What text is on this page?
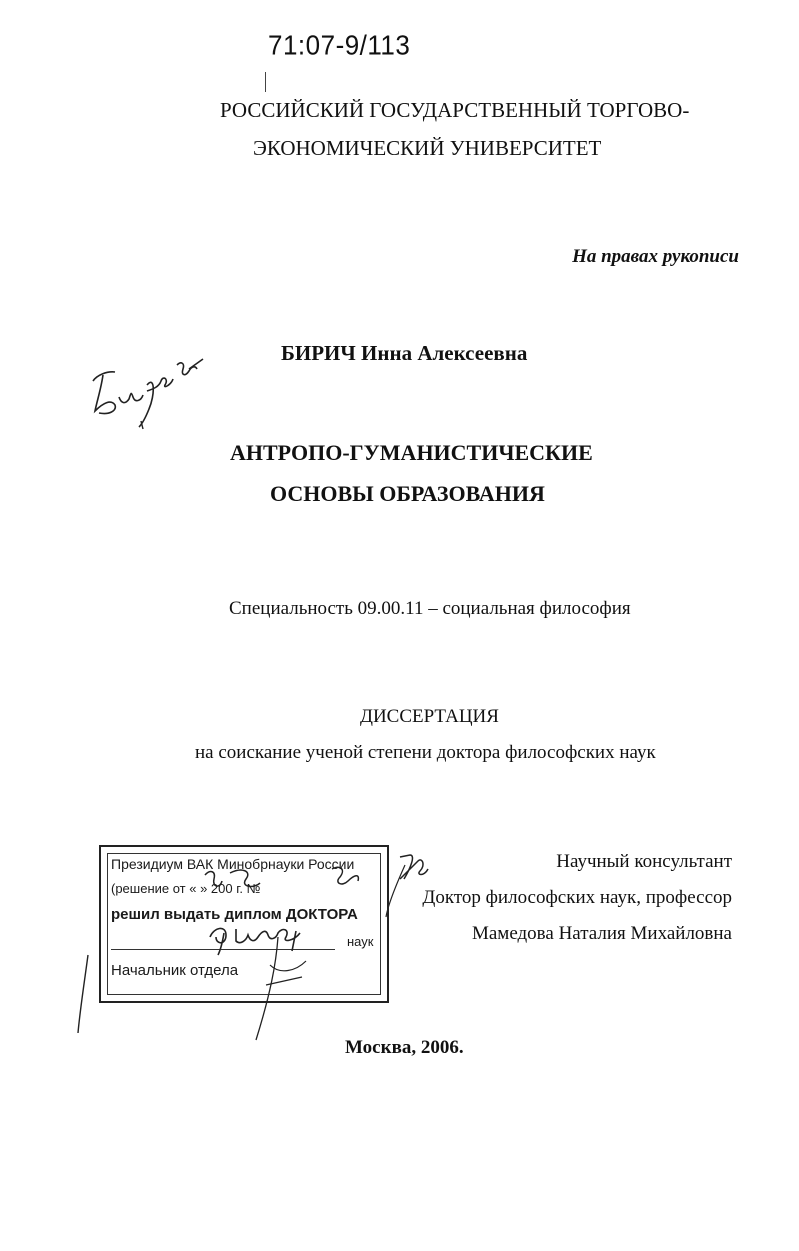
71:07-9/113
РОССИЙСКИЙ ГОСУДАРСТВЕННЫЙ ТОРГОВО-
ЭКОНОМИЧЕСКИЙ УНИВЕРСИТЕТ
На правах рукописи
БИРИЧ Инна Алексеевна
АНТРОПО-ГУМАНИСТИЧЕСКИЕ
ОСНОВЫ ОБРАЗОВАНИЯ
Специальность 09.00.11 – социальная философия
ДИССЕРТАЦИЯ
на соискание ученой степени доктора философских наук
Президиум ВАК Минобрнауки России
(решение от « » 200 г. №
решил выдать диплом ДОКТОРА
наук
Начальник отдела
Научный консультант
Доктор философских наук, профессор
Мамедова Наталия Михайловна
Москва, 2006.
